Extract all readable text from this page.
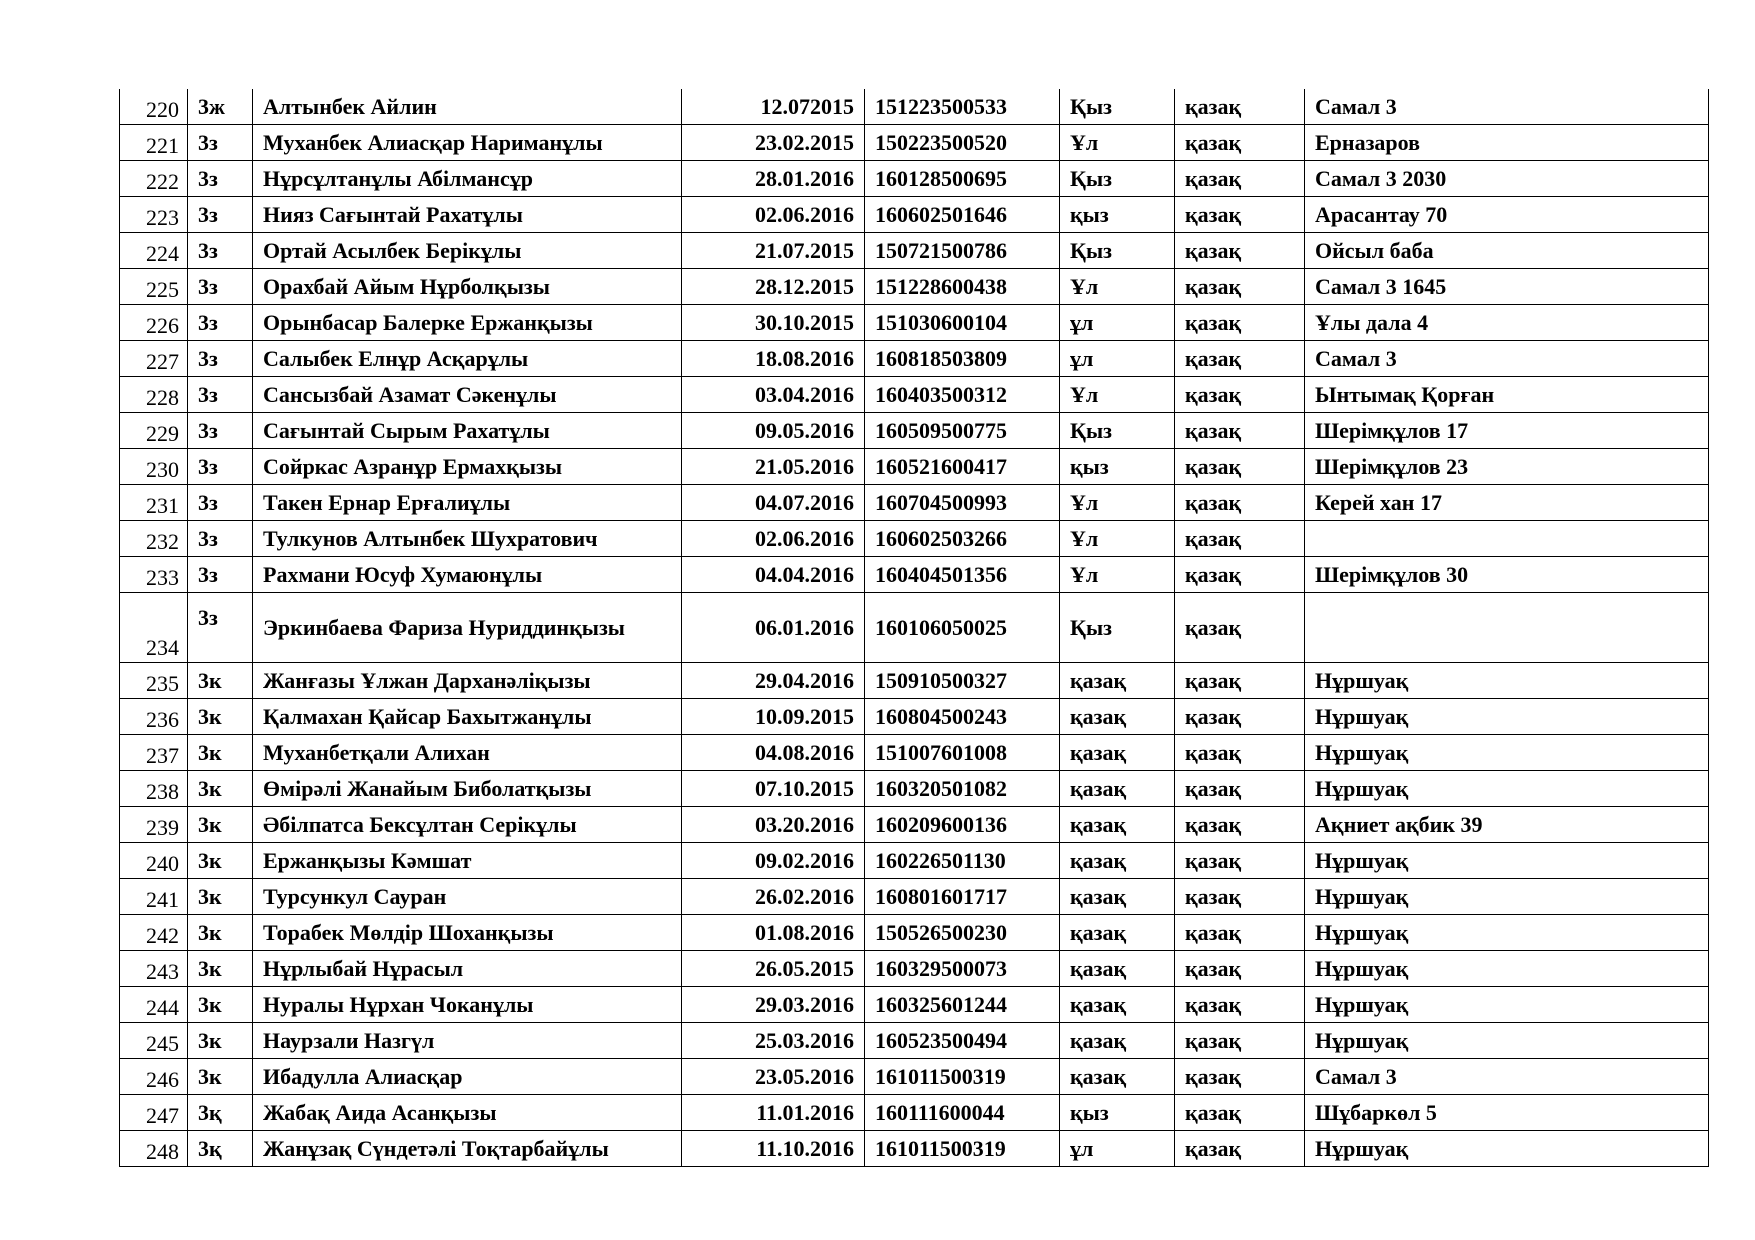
220	3ж	Алтынбек Айлин	12.072015	151223500533	Қыз	қазақ	Самал 3
221	3з	Муханбек Алиасқар Нариманұлы	23.02.2015	150223500520	Ұл	қазақ	Ерназаров
222	3з	Нұрсұлтанұлы Абілмансұр	28.01.2016	160128500695	Қыз	қазақ	Самал 3 2030
223	3з	Нияз Сағынтай Рахатұлы	02.06.2016	160602501646	қыз	қазақ	Арасантау 70
224	3з	Ортай Асылбек Берікұлы	21.07.2015	150721500786	Қыз	қазақ	Ойсыл баба
225	3з	Орахбай Айым Нұрболқызы	28.12.2015	151228600438	Ұл	қазақ	Самал 3 1645
226	3з	Орынбасар Балерке Ержанқызы	30.10.2015	151030600104	ұл	қазақ	Ұлы дала 4
227	3з	Салыбек Елнұр Асқарұлы	18.08.2016	160818503809	ұл	қазақ	Самал 3
228	3з	Сансызбай Азамат Сәкенұлы	03.04.2016	160403500312	Ұл	қазақ	Ынтымақ Қорған
229	3з	Сағынтай Сырым Рахатұлы	09.05.2016	160509500775	Қыз	қазақ	Шерімқұлов 17
230	3з	Сойркас Азранұр Ермахқызы	21.05.2016	160521600417	қыз	қазақ	Шерімқұлов 23
231	3з	Такен Ернар Ерғалиұлы	04.07.2016	160704500993	Ұл	қазақ	Керей хан 17
232	3з	Тулкунов Алтынбек Шухратович	02.06.2016	160602503266	Ұл	қазақ	
233	3з	Рахмани Юсуф Хумаюнұлы	04.04.2016	160404501356	Ұл	қазақ	Шерімқұлов 30
234	3з	Эркинбаева Фариза Нуриддинқызы	06.01.2016	160106050025	Қыз	қазақ	
235	3к	Жанғазы Ұлжан Дарханәлiқызы	29.04.2016	150910500327	қазақ	қазақ	Нұршуақ
236	3к	Қалмахан Қайсар Бахытжанұлы	10.09.2015	160804500243	қазақ	қазақ	Нұршуақ
237	3к	Муханбетқали Алихан	04.08.2016	151007601008	қазақ	қазақ	Нұршуақ
238	3к	Өмірәлі Жанайым Биболатқызы	07.10.2015	160320501082	қазақ	қазақ	Нұршуақ
239	3к	Әбілпатса Бексұлтан Серікұлы	03.20.2016	160209600136	қазақ	қазақ	Ақниет ақбик 39
240	3к	Ержанқызы Кәмшат	09.02.2016	160226501130	қазақ	қазақ	Нұршуақ
241	3к	Турсункул Сауран	26.02.2016	160801601717	қазақ	қазақ	Нұршуақ
242	3к	Торабек Мөлдір Шоханқызы	01.08.2016	150526500230	қазақ	қазақ	Нұршуақ
243	3к	Нұрлыбай Нұрасыл	26.05.2015	160329500073	қазақ	қазақ	Нұршуақ
244	3к	Нуралы Нұрхан Чоканұлы	29.03.2016	160325601244	қазақ	қазақ	Нұршуақ
245	3к	Наурзали Назгүл	25.03.2016	160523500494	қазақ	қазақ	Нұршуақ
246	3к	Ибадулла Алиасқар	23.05.2016	161011500319	қазақ	қазақ	Самал 3
247	3қ	Жабақ Аида Асанқызы	11.01.2016	160111600044	қыз	қазақ	Шұбаркөл 5
248	3қ	Жанұзақ Сүндетәлі Тоқтарбайұлы	11.10.2016	161011500319	ұл	қазақ	Нұршуақ
